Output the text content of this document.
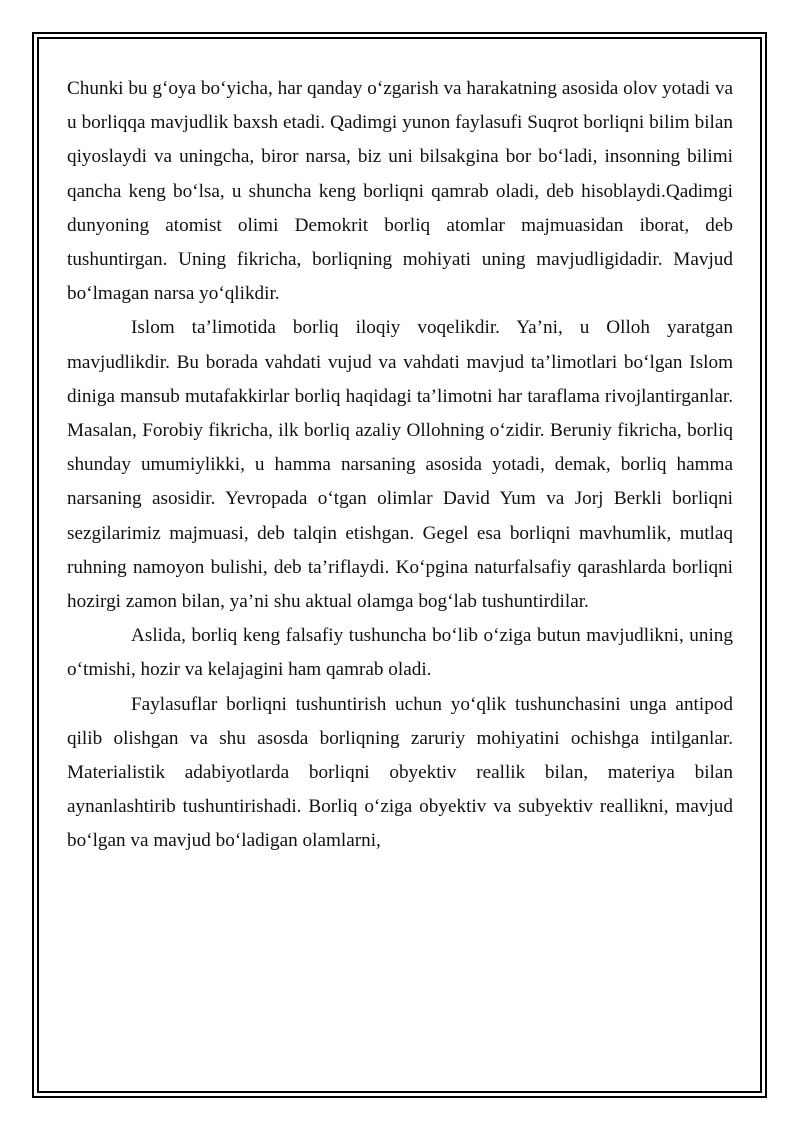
Chunki bu g‘oya bo‘yicha, har qanday o‘zgarish va harakatning asosida olov yotadi va u borliqqa mavjudlik baxsh etadi. Qadimgi yunon faylasufi Suqrot borliqni bilim bilan qiyoslaydi va uningcha, biror narsa, biz uni bilsakgina bor bo‘ladi, insonning bilimi qancha keng bo‘lsa, u shuncha keng borliqni qamrab oladi, deb hisoblaydi.Qadimgi dunyoning atomist olimi Demokrit borliq atomlar majmuasidan iborat, deb tushuntirgan. Uning fikricha, borliqning mohiyati uning mavjudligidadir. Mavjud bo‘lmagan narsa yo‘qlikdir.

Islom ta’limotida borliq iloqiy voqelikdir. Ya’ni, u Olloh yaratgan mavjudlikdir. Bu borada vahdati vujud va vahdati mavjud ta’limotlari bo‘lgan Islom diniga mansub mutafakkirlar borliq haqidagi ta’limotni har taraflama rivojlantirganlar. Masalan, Forobiy fikricha, ilk borliq azaliy Ollohning o‘zidir. Beruniy fikricha, borliq shunday umumiylikki, u hamma narsaning asosida yotadi, demak, borliq hamma narsaning asosidir. Yevropada o‘tgan olimlar David Yum va Jorj Berkli borliqni sezgilarimiz majmuasi, deb talqin etishgan. Gegel esa borliqni mavhumlik, mutlaq ruhning namoyon bulishi, deb ta’riflaydi. Ko‘pgina naturfalsafiy qarashlarda borliqni hozirgi zamon bilan, ya’ni shu aktual olamga bog‘lab tushuntirdilar.

Aslida, borliq keng falsafiy tushuncha bo‘lib o‘ziga butun mavjudlikni, uning o‘tmishi, hozir va kelajagini ham qamrab oladi.

Faylasuflar borliqni tushuntirish uchun yo‘qlik tushunchasini unga antipod qilib olishgan va shu asosda borliqning zaruriy mohiyatini ochishga intilganlar. Materialistik adabiyotlarda borliqni obyektiv reallik bilan, materiya bilan aynanlashtirib tushuntirishadi. Borliq o‘ziga obyektiv va subyektiv reallikni, mavjud bo‘lgan va mavjud bo‘ladigan olamlarni,
